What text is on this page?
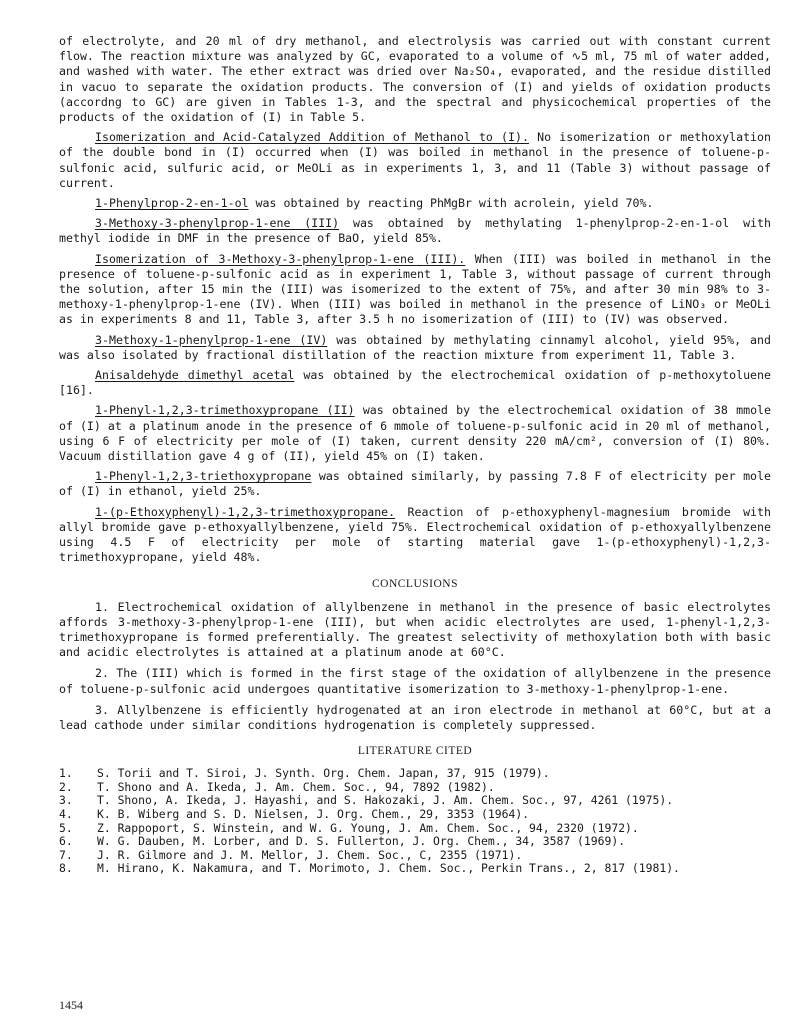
of electrolyte, and 20 ml of dry methanol, and electrolysis was carried out with constant current flow. The reaction mixture was analyzed by GC, evaporated to a volume of ∿5 ml, 75 ml of water added, and washed with water. The ether extract was dried over Na₂SO₄, evaporated, and the residue distilled in vacuo to separate the oxidation products. The conversion of (I) and yields of oxidation products (accordng to GC) are given in Tables 1-3, and the spectral and physicochemical properties of the products of the oxidation of (I) in Table 5.

Isomerization and Acid-Catalyzed Addition of Methanol to (I). No isomerization or methoxylation of the double bond in (I) occurred when (I) was boiled in methanol in the presence of toluene-p-sulfonic acid, sulfuric acid, or MeOLi as in experiments 1, 3, and 11 (Table 3) without passage of current.

1-Phenylprop-2-en-1-ol was obtained by reacting PhMgBr with acrolein, yield 70%.

3-Methoxy-3-phenylprop-1-ene (III) was obtained by methylating 1-phenylprop-2-en-1-ol with methyl iodide in DMF in the presence of BaO, yield 85%.

Isomerization of 3-Methoxy-3-phenylprop-1-ene (III). When (III) was boiled in methanol in the presence of toluene-p-sulfonic acid as in experiment 1, Table 3, without passage of current through the solution, after 15 min the (III) was isomerized to the extent of 75%, and after 30 min 98% to 3-methoxy-1-phenylprop-1-ene (IV). When (III) was boiled in methanol in the presence of LiNO₃ or MeOLi as in experiments 8 and 11, Table 3, after 3.5 h no isomerization of (III) to (IV) was observed.

3-Methoxy-1-phenylprop-1-ene (IV) was obtained by methylating cinnamyl alcohol, yield 95%, and was also isolated by fractional distillation of the reaction mixture from experiment 11, Table 3.

Anisaldehyde dimethyl acetal was obtained by the electrochemical oxidation of p-methoxytoluene [16].

1-Phenyl-1,2,3-trimethoxypropane (II) was obtained by the electrochemical oxidation of 38 mmole of (I) at a platinum anode in the presence of 6 mmole of toluene-p-sulfonic acid in 20 ml of methanol, using 6 F of electricity per mole of (I) taken, current density 220 mA/cm², conversion of (I) 80%. Vacuum distillation gave 4 g of (II), yield 45% on (I) taken.

1-Phenyl-1,2,3-triethoxypropane was obtained similarly, by passing 7.8 F of electricity per mole of (I) in ethanol, yield 25%.

1-(p-Ethoxyphenyl)-1,2,3-trimethoxypropane. Reaction of p-ethoxyphenyl-magnesium bromide with allyl bromide gave p-ethoxyallylbenzene, yield 75%. Electrochemical oxidation of p-ethoxyallylbenzene using 4.5 F of electricity per mole of starting material gave 1-(p-ethoxyphenyl)-1,2,3-trimethoxypropane, yield 48%.

CONCLUSIONS

1. Electrochemical oxidation of allylbenzene in methanol in the presence of basic electrolytes affords 3-methoxy-3-phenylprop-1-ene (III), but when acidic electrolytes are used, 1-phenyl-1,2,3-trimethoxypropane is formed preferentially. The greatest selectivity of methoxylation both with basic and acidic electrolytes is attained at a platinum anode at 60°C.

2. The (III) which is formed in the first stage of the oxidation of allylbenzene in the presence of toluene-p-sulfonic acid undergoes quantitative isomerization to 3-methoxy-1-phenylprop-1-ene.

3. Allylbenzene is efficiently hydrogenated at an iron electrode in methanol at 60°C, but at a lead cathode under similar conditions hydrogenation is completely suppressed.

LITERATURE CITED
1.	S. Torii and T. Siroi, J. Synth. Org. Chem. Japan, 37, 915 (1979).
2.	T. Shono and A. Ikeda, J. Am. Chem. Soc., 94, 7892 (1982).
3.	T. Shono, A. Ikeda, J. Hayashi, and S. Hakozaki, J. Am. Chem. Soc., 97, 4261 (1975).
4.	K. B. Wiberg and S. D. Nielsen, J. Org. Chem., 29, 3353 (1964).
5.	Z. Rappoport, S. Winstein, and W. G. Young, J. Am. Chem. Soc., 94, 2320 (1972).
6.	W. G. Dauben, M. Lorber, and D. S. Fullerton, J. Org. Chem., 34, 3587 (1969).
7.	J. R. Gilmore and J. M. Mellor, J. Chem. Soc., C, 2355 (1971).
8.	M. Hirano, K. Nakamura, and T. Morimoto, J. Chem. Soc., Perkin Trans., 2, 817 (1981).
1454
